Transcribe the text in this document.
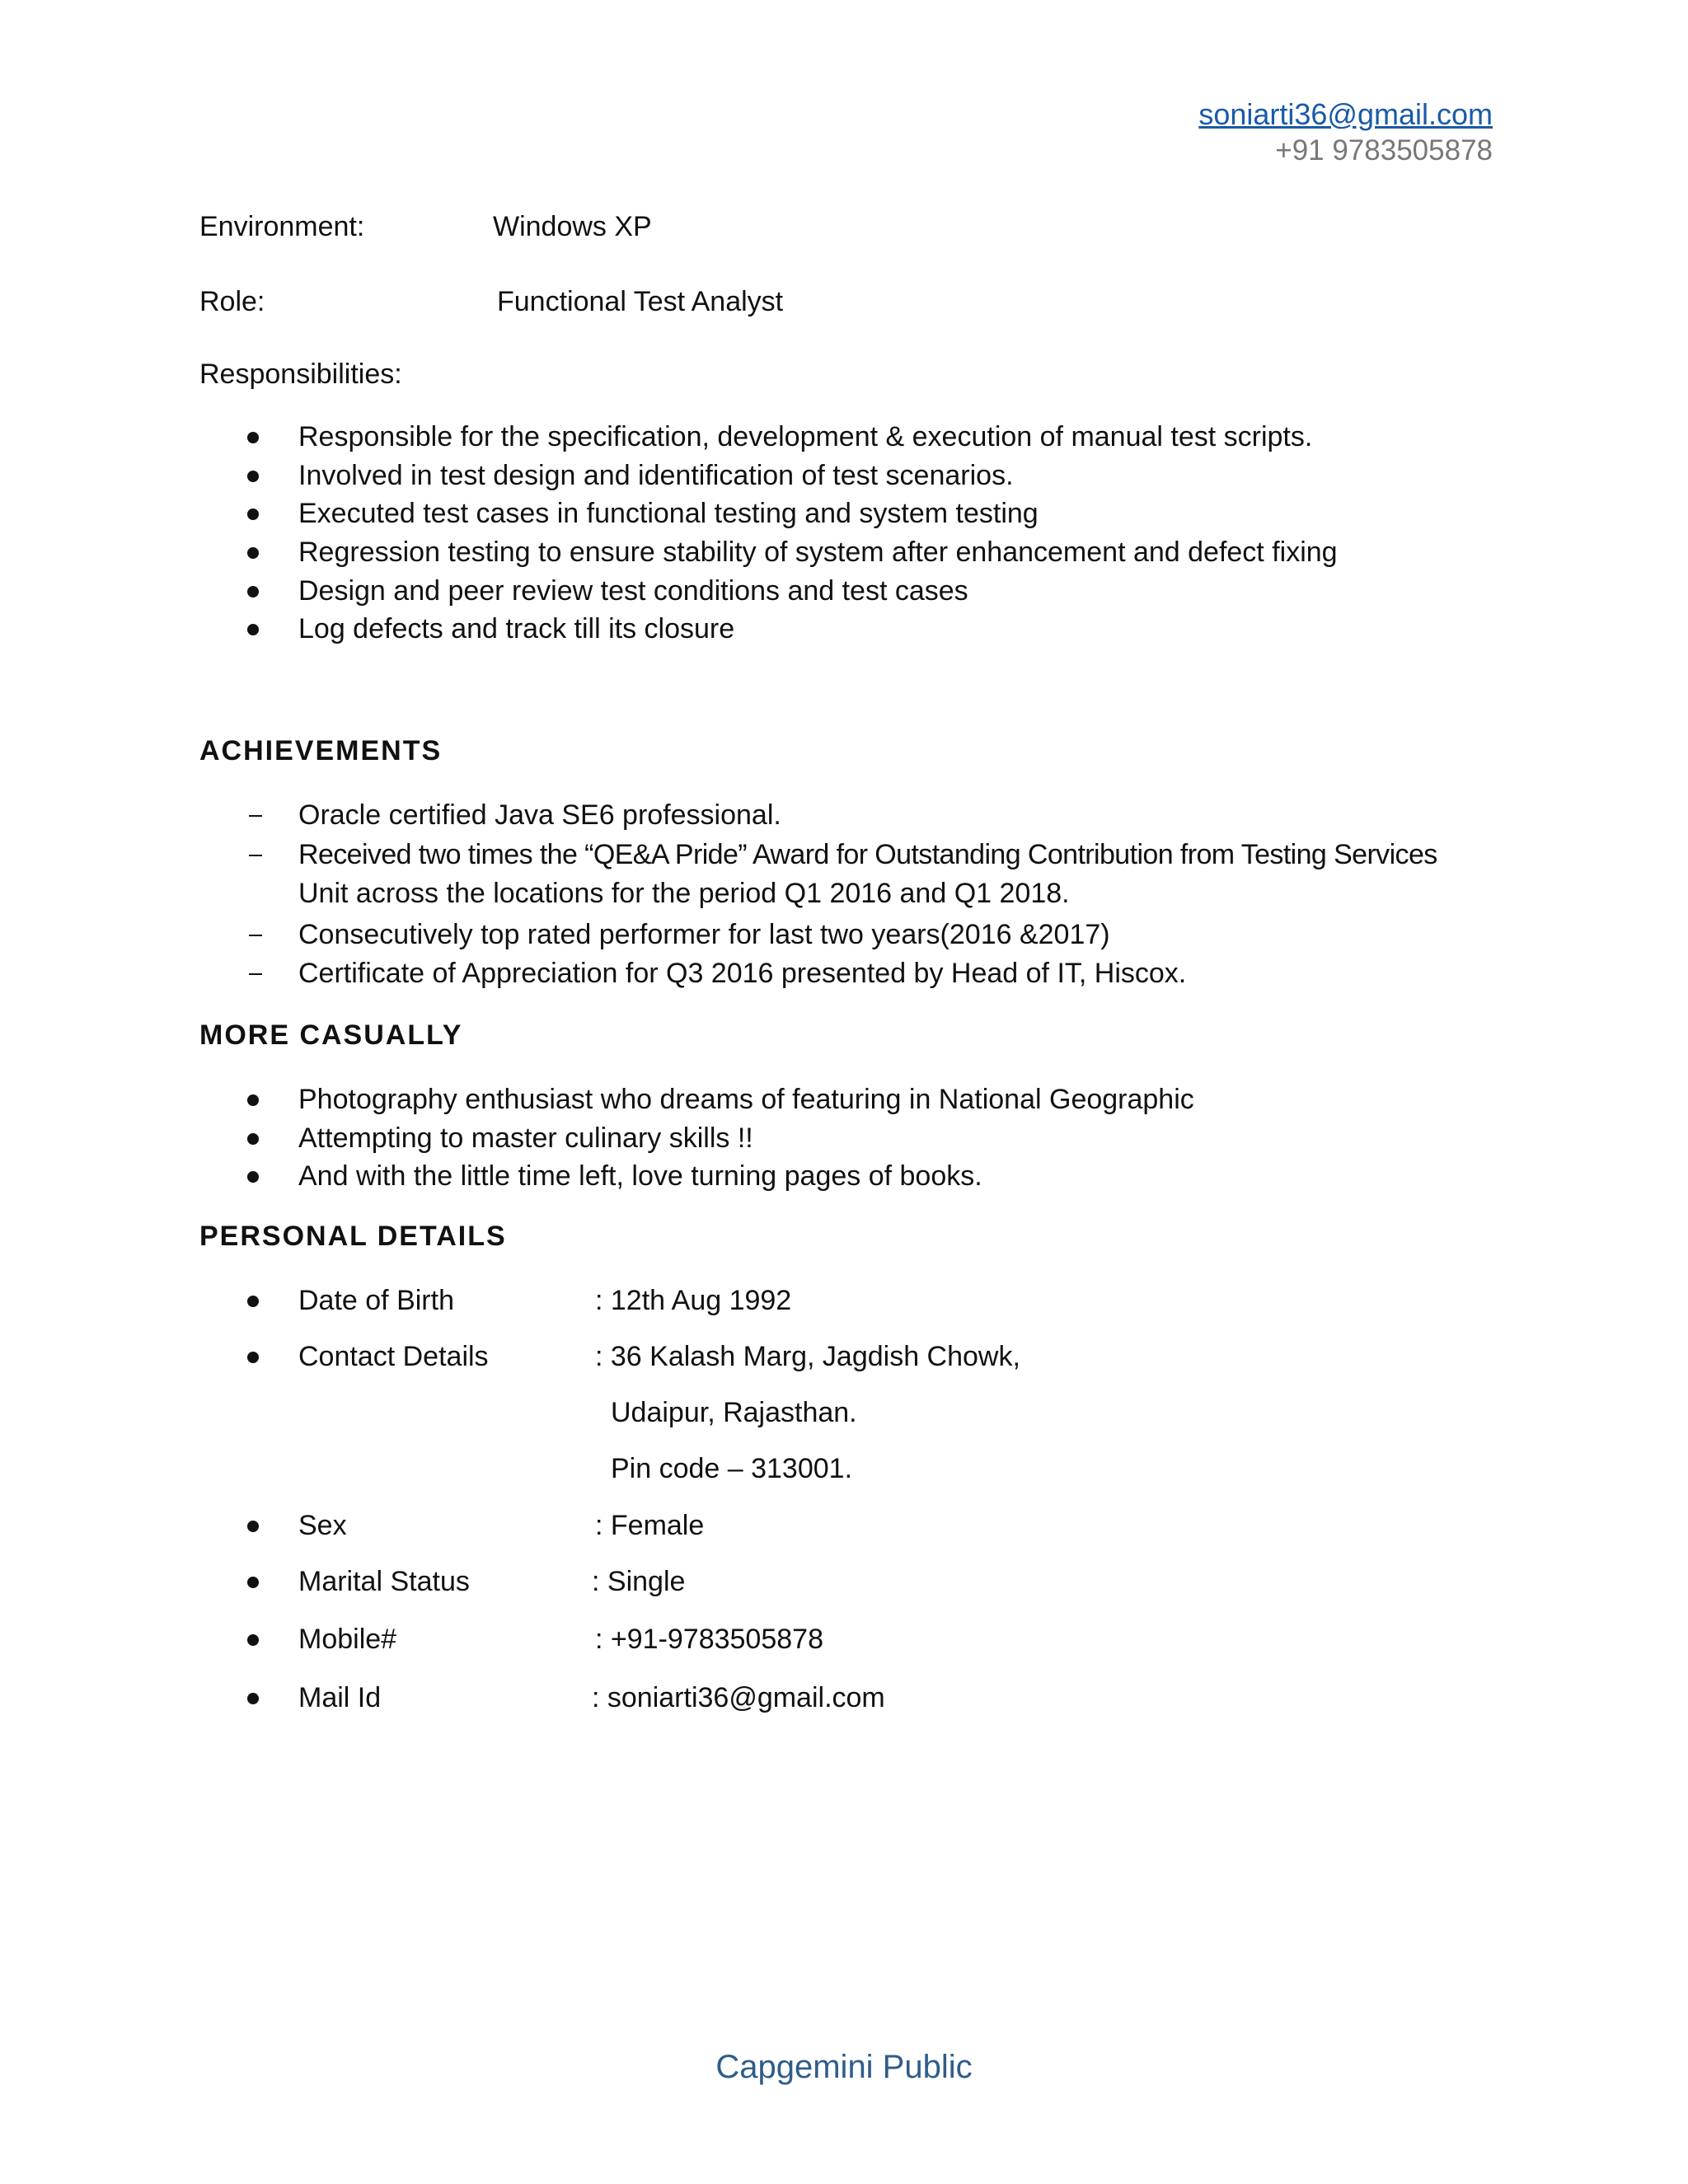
soniarti36@gmail.com
+91 9783505878
Environment:	Windows XP
Role:	Functional Test Analyst
Responsibilities:
Responsible for the specification, development & execution of manual test scripts.
Involved in test design and identification of test scenarios.
Executed test cases in functional testing and system testing
Regression testing to ensure stability of system after enhancement and defect fixing
Design and peer review test conditions and test cases
Log defects and track till its closure
ACHIEVEMENTS
Oracle certified Java SE6 professional.
Received two times the “QE&A Pride” Award for Outstanding Contribution from Testing Services
Unit across the locations for the period Q1 2016 and Q1 2018.
Consecutively top rated performer for last two years(2016 &2017)
Certificate of Appreciation for Q3 2016 presented by Head of IT, Hiscox.
MORE CASUALLY
Photography enthusiast who dreams of featuring in National Geographic
Attempting to master culinary skills !!
And with the little time left, love turning pages of books.
PERSONAL DETAILS
Date of Birth	: 12th Aug 1992
Contact Details	: 36 Kalash Marg, Jagdish Chowk,
Udaipur, Rajasthan.
Pin code – 313001.
Sex	: Female
Marital Status	: Single
Mobile#	: +91-9783505878
Mail Id	: soniarti36@gmail.com
Capgemini Public
